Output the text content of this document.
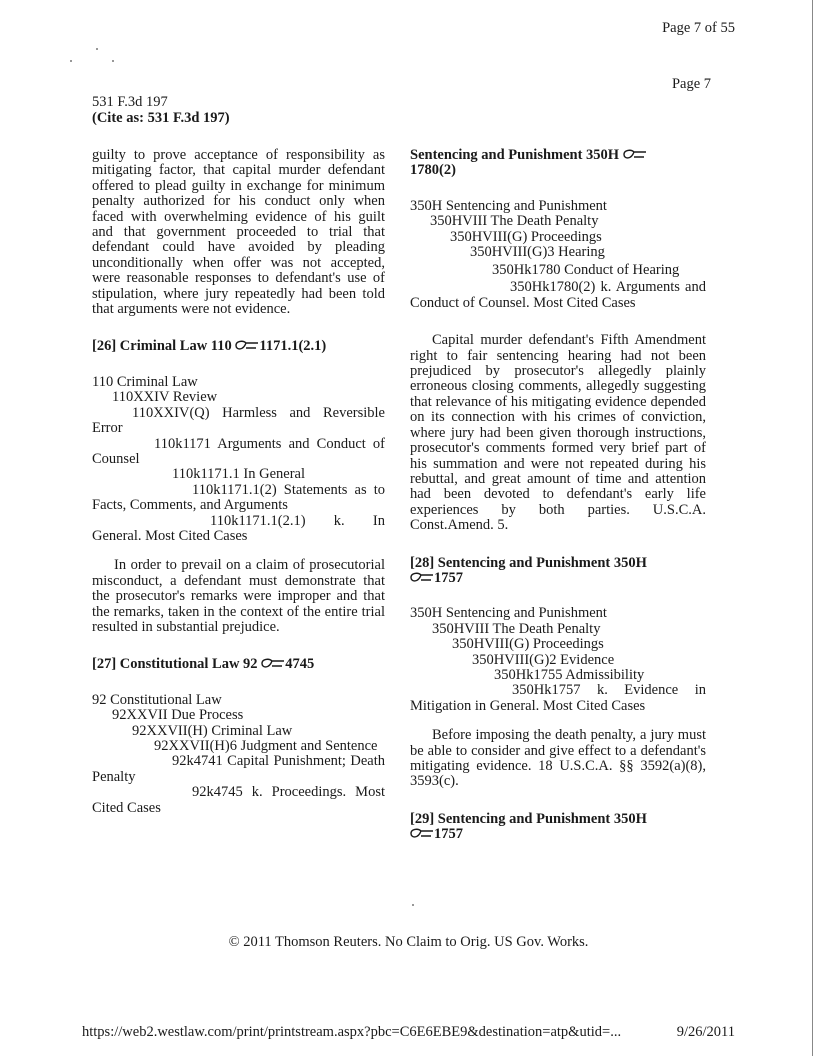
Page 7 of 55
Page 7
531 F.3d 197
(Cite as: 531 F.3d 197)

guilty to prove acceptance of responsibility as mitigating factor, that capital murder defendant offered to plead guilty in exchange for minimum penalty authorized for his conduct only when faced with overwhelming evidence of his guilt and that government proceeded to trial that defendant could have avoided by pleading unconditionally when offer was not accepted, were reasonable responses to defendant's use of stipulation, where jury repeatedly had been told that arguments were not evidence.

[26] Criminal Law 110 1171.1(2.1)
110 Criminal Law
110XXIV Review
110XXIV(Q) Harmless and Reversible Error
110k1171 Arguments and Conduct of Counsel
110k1171.1 In General
110k1171.1(2) Statements as to Facts, Comments, and Arguments
110k1171.1(2.1) k. In General. Most Cited Cases

In order to prevail on a claim of prosecutorial misconduct, a defendant must demonstrate that the prosecutor's remarks were improper and that the remarks, taken in the context of the entire trial resulted in substantial prejudice.

[27] Constitutional Law 92 4745
92 Constitutional Law
92XXVII Due Process
92XXVII(H) Criminal Law
92XXVII(H)6 Judgment and Sentence
92k4741 Capital Punishment; Death Penalty
92k4745 k. Proceedings. Most Cited Cases
Sentencing and Punishment 350H
1780(2)
350H Sentencing and Punishment
350HVIII The Death Penalty
350HVIII(G) Proceedings
350HVIII(G)3 Hearing
350Hk1780 Conduct of Hearing
350Hk1780(2) k. Arguments and Conduct of Counsel. Most Cited Cases

Capital murder defendant's Fifth Amendment right to fair sentencing hearing had not been prejudiced by prosecutor's allegedly plainly erroneous closing comments, allegedly suggesting that relevance of his mitigating evidence depended on its connection with his crimes of conviction, where jury had been given thorough instructions, prosecutor's comments formed very brief part of his summation and were not repeated during his rebuttal, and great amount of time and attention had been devoted to defendant's early life experiences by both parties. U.S.C.A. Const.Amend. 5.

[28] Sentencing and Punishment 350H
1757
350H Sentencing and Punishment
350HVIII The Death Penalty
350HVIII(G) Proceedings
350HVIII(G)2 Evidence
350Hk1755 Admissibility
350Hk1757 k. Evidence in Mitigation in General. Most Cited Cases

Before imposing the death penalty, a jury must be able to consider and give effect to a defendant's mitigating evidence. 18 U.S.C.A. §§ 3592(a)(8), 3593(c).

[29] Sentencing and Punishment 350H
1757
© 2011 Thomson Reuters. No Claim to Orig. US Gov. Works.
https://web2.westlaw.com/print/printstream.aspx?pbc=C6E6EBE9&destination=atp&utid=...	9/26/2011
